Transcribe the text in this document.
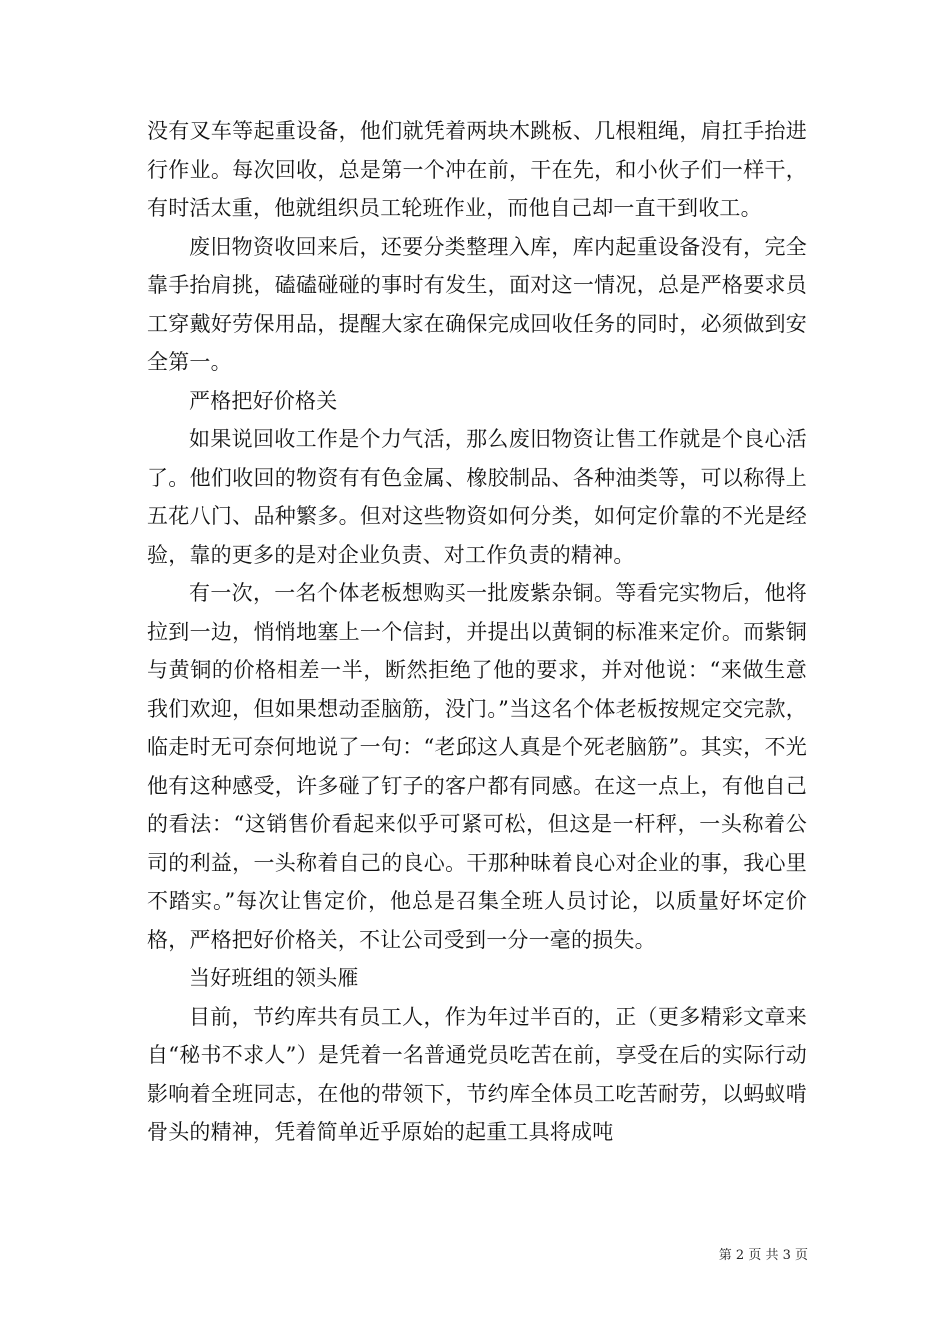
没有叉车等起重设备，他们就凭着两块木跳板、几根粗绳，肩扛手抬进行作业。每次回收，总是第一个冲在前，干在先，和小伙子们一样干，有时活太重，他就组织员工轮班作业，而他自己却一直干到收工。

废旧物资收回来后，还要分类整理入库，库内起重设备没有，完全靠手抬肩挑，磕磕碰碰的事时有发生，面对这一情况，总是严格要求员工穿戴好劳保用品，提醒大家在确保完成回收任务的同时，必须做到安全第一。

严格把好价格关

如果说回收工作是个力气活，那么废旧物资让售工作就是个良心活了。他们收回的物资有有色金属、橡胶制品、各种油类等，可以称得上五花八门、品种繁多。但对这些物资如何分类，如何定价靠的不光是经验，靠的更多的是对企业负责、对工作负责的精神。

有一次，一名个体老板想购买一批废紫杂铜。等看完实物后，他将拉到一边，悄悄地塞上一个信封，并提出以黄铜的标准来定价。而紫铜与黄铜的价格相差一半，断然拒绝了他的要求，并对他说：“来做生意我们欢迎，但如果想动歪脑筋，没门。”当这名个体老板按规定交完款，临走时无可奈何地说了一句：“老邱这人真是个死老脑筋”。其实，不光他有这种感受，许多碰了钉子的客户都有同感。在这一点上，有他自己的看法：“这销售价看起来似乎可紧可松，但这是一杆秤，一头称着公司的利益，一头称着自己的良心。干那种昧着良心对企业的事，我心里不踏实。”每次让售定价，他总是召集全班人员讨论，以质量好坏定价格，严格把好价格关，不让公司受到一分一毫的损失。

当好班组的领头雁

目前，节约库共有员工人，作为年过半百的，正（更多精彩文章来自“秘书不求人”）是凭着一名普通党员吃苦在前，享受在后的实际行动影响着全班同志，在他的带领下，节约库全体员工吃苦耐劳，以蚂蚁啃骨头的精神，凭着简单近乎原始的起重工具将成吨

第 2 页 共 3 页
